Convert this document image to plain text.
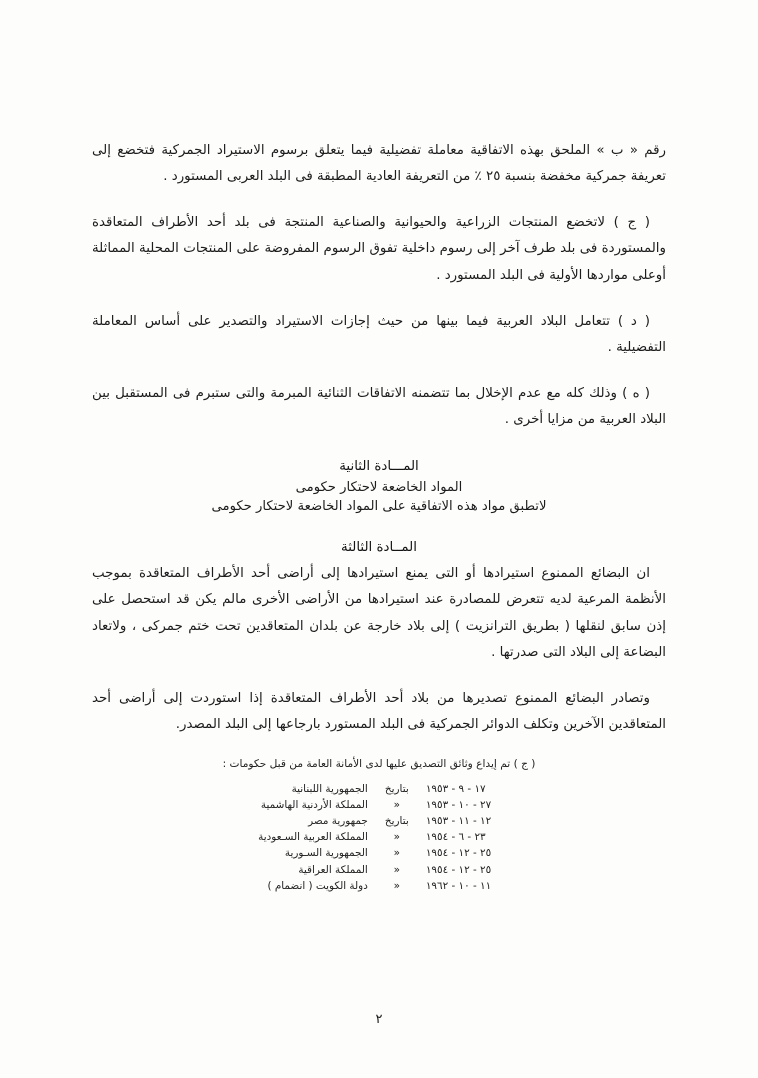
رقم « ب » الملحق بهذه الاتفاقية معاملة تفضيلية فيما يتعلق برسوم الاستيراد الجمركية فتخضع إلى تعريفة جمركية مخفضة بنسبة ٢٥ ٪ من التعريفة العادية المطبقة فى البلد العربى المستورد .

( ج ) لاتخضع المنتجات الزراعية والحيوانية والصناعية المنتجة فى بلد أحد الأطراف المتعاقدة والمستوردة فى بلد طرف آخر إلى رسوم داخلية تفوق الرسوم المفروضة على المنتجات المحلية المماثلة أوعلى مواردها الأولية فى البلد المستورد .

( د ) تتعامل البلاد العربية فيما بينها من حيث إجازات الاستيراد والتصدير على أساس المعاملة التفضيلية .

( ه ) وذلك كله مع عدم الإخلال بما تتضمنه الاتفاقات الثنائية المبرمة والتى ستبرم فى المستقبل بين البلاد العربية من مزايا أخرى .

المـــادة الثانية

المواد الخاضعة لاحتكار حكومى

لاتطبق مواد هذه الاتفاقية على المواد الخاضعة لاحتكار حكومى

المــادة الثالثة

ان البضائع الممنوع استيرادها أو التى يمنع استيرادها إلى أراضى أحد الأطراف المتعاقدة بموجب الأنظمة المرعية لديه تتعرض للمصادرة عند استيرادها من الأراضى الأخرى مالم يكن قد استحصل على إذن سابق لنقلها ( بطريق الترانزيت ) إلى بلاد خارجة عن بلدان المتعاقدين تحت ختم جمركى ، ولاتعاد البضاعة إلى البلاد التى صدرتها .

وتصادر البضائع الممنوع تصديرها من بلاد أحد الأطراف المتعاقدة إذا استوردت إلى أراضى أحد المتعاقدين الآخرين وتكلف الدوائر الجمركية فى البلد المستورد بارجاعها إلى البلد المصدر.

( ج ) تم إيداع وثائق التصديق عليها لدى الأمانة العامة من قبل حكومات :

١٧ - ٩ - ١٩٥٣	بتاريخ	الجمهورية اللبنانية
٢٧ - ١٠ - ١٩٥٣	«	المملكة الأردنية الهاشمية
١٢ - ١١ - ١٩٥٣	بتاريخ	جمهورية مصر
٢٣ - ٦ - ١٩٥٤	«	المملكة العربية السـعودية
٢٥ - ١٢ - ١٩٥٤	«	الجمهورية السـورية
٢٥ - ١٢ - ١٩٥٤	«	المملكة العراقية
١١ - ١٠ - ١٩٦٢	«	دولة الكويت ( انضمام )
٢
